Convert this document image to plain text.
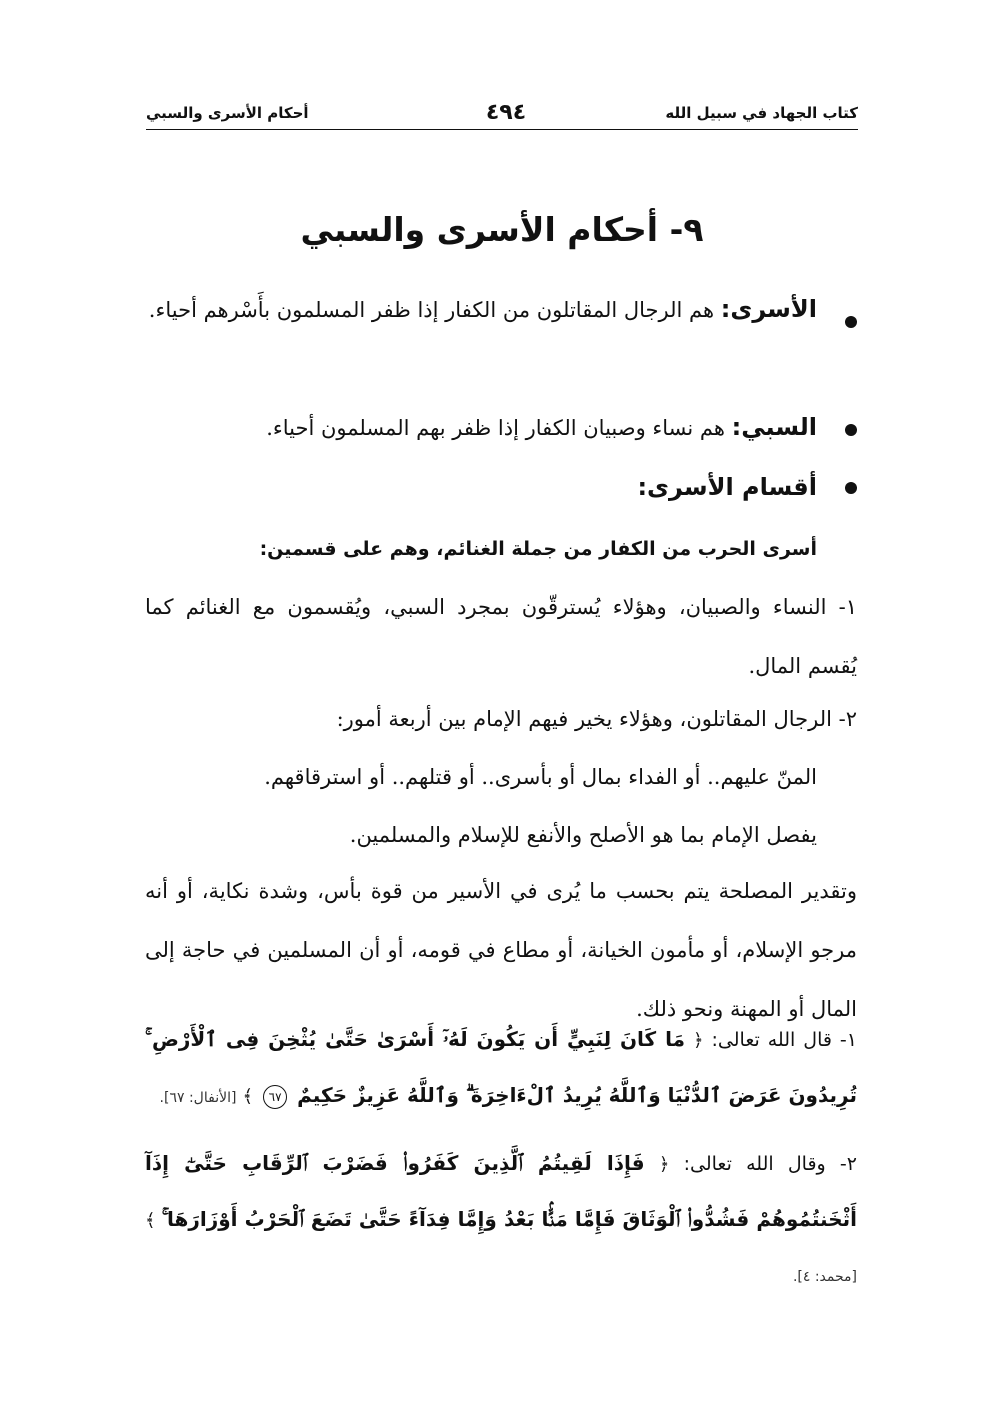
كتاب الجهاد في سبيل الله
٤٩٤
أحكام الأسرى والسبي
٩- أحكام الأسرى والسبي
الأسرى: هم الرجال المقاتلون من الكفار إذا ظفر المسلمون بأَسْرهم أحياء.
السبي: هم نساء وصبيان الكفار إذا ظفر بهم المسلمون أحياء.
أقسام الأسرى:
أسرى الحرب من الكفار من جملة الغنائم، وهم على قسمين:
١- النساء والصبيان، وهؤلاء يُسترقّون بمجرد السبي، ويُقسمون مع الغنائم كما يُقسم المال.
٢- الرجال المقاتلون، وهؤلاء يخير فيهم الإمام بين أربعة أمور:
المنّ عليهم.. أو الفداء بمال أو بأسرى.. أو قتلهم.. أو استرقاقهم.
يفصل الإمام بما هو الأصلح والأنفع للإسلام والمسلمين.
وتقدير المصلحة يتم بحسب ما يُرى في الأسير من قوة بأس، وشدة نكاية، أو أنه مرجو الإسلام، أو مأمون الخيانة، أو مطاع في قومه، أو أن المسلمين في حاجة إلى المال أو المهنة ونحو ذلك.
١- قال الله تعالى: ﴿ مَا كَانَ لِنَبِيٍّ أَن يَكُونَ لَهُۥٓ أَسْرَىٰ حَتَّىٰ يُثْخِنَ فِى ٱلْأَرْضِ ۚ تُرِيدُونَ عَرَضَ ٱلدُّنْيَا وَٱللَّهُ يُرِيدُ ٱلْءَاخِرَةَ ۗ وَٱللَّهُ عَزِيزٌ حَكِيمٌ ٦٧ ﴾ [الأنفال: ٦٧].
٢- وقال الله تعالى: ﴿ فَإِذَا لَقِيتُمُ ٱلَّذِينَ كَفَرُوا۟ فَضَرْبَ ٱلرِّقَابِ حَتَّىٰٓ إِذَآ أَثْخَنتُمُوهُمْ فَشُدُّوا۟ ٱلْوَثَاقَ فَإِمَّا مَنًّۢا بَعْدُ وَإِمَّا فِدَآءً حَتَّىٰ تَضَعَ ٱلْحَرْبُ أَوْزَارَهَا ۚ ﴾ [محمد: ٤].
